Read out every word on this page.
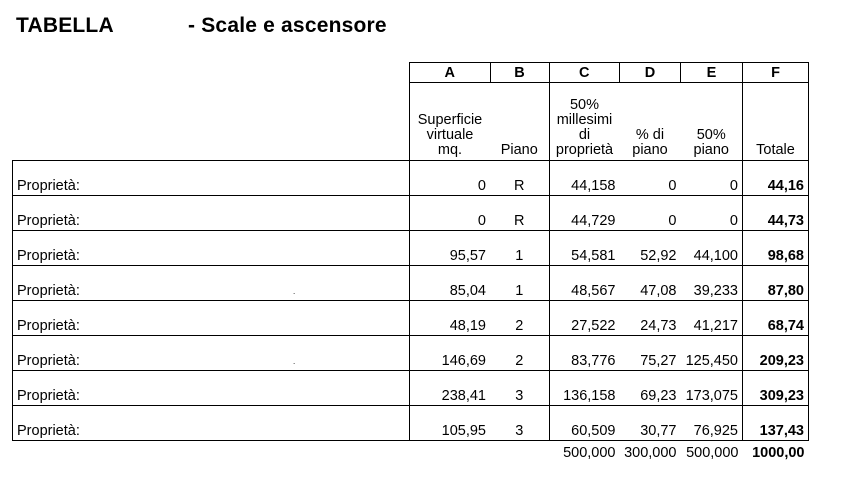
TABELLA	- Scale e ascensore
	A	B	C	D	E	F

	Superficie virtuale mq.	Piano	50% millesimi di proprietà	% di piano	50% piano	Totale
Proprietà:	0	R	44,158	0	0	44,16
Proprietà:	0	R	44,729	0	0	44,73
Proprietà:	95,57	1	54,581	52,92	44,100	98,68
Proprietà: .	85,04	1	48,567	47,08	39,233	87,80
Proprietà:	48,19	2	27,522	24,73	41,217	68,74
Proprietà: .	146,69	2	83,776	75,27	125,450	209,23
Proprietà:	238,41	3	136,158	69,23	173,075	309,23
Proprietà:	105,95	3	60,509	30,77	76,925	137,43
			500,000	300,000	500,000	1000,00
